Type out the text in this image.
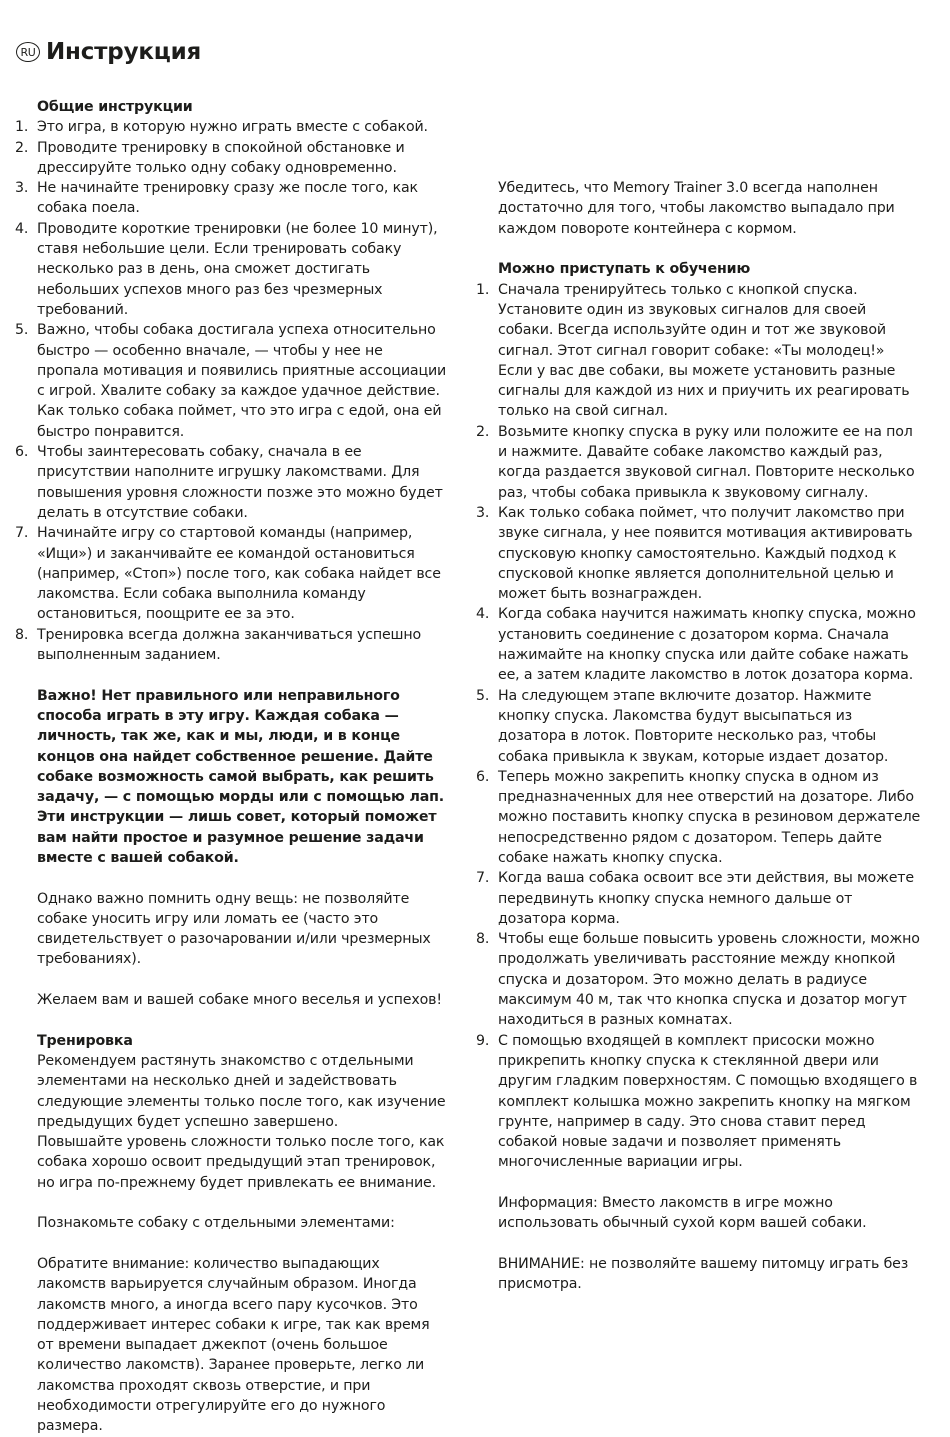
RU Инструкция

Общие инструкции

1. Это игра, в которую нужно играть вместе с собакой.
2. Проводите тренировку в спокойной обстановке и дрессируйте только одну собаку одновременно.
3. Не начинайте тренировку сразу же после того, как собака поела.
4. Проводите короткие тренировки (не более 10 минут), ставя небольшие цели. Если тренировать собаку несколько раз в день, она сможет достигать небольших успехов много раз без чрезмерных требований.
5. Важно, чтобы собака достигала успеха относительно быстро — особенно вначале, — чтобы у нее не пропала мотивация и появились приятные ассоциации с игрой. Хвалите собаку за каждое удачное действие. Как только собака поймет, что это игра с едой, она ей быстро понравится.
6. Чтобы заинтересовать собаку, сначала в ее присутствии наполните игрушку лакомствами. Для повышения уровня сложности позже это можно будет делать в отсутствие собаки.
7. Начинайте игру со стартовой команды (например, «Ищи») и заканчивайте ее командой остановиться (например, «Стоп») после того, как собака найдет все лакомства. Если собака выполнила команду остановиться, поощрите ее за это.
8. Тренировка всегда должна заканчиваться успешно выполненным заданием.

Важно! Нет правильного или неправильного способа играть в эту игру. Каждая собака — личность, так же, как и мы, люди, и в конце концов она найдет собственное решение. Дайте собаке возможность самой выбрать, как решить задачу, — с помощью морды или с помощью лап. Эти инструкции — лишь совет, который поможет вам найти простое и разумное решение задачи вместе с вашей собакой.

Однако важно помнить одну вещь: не позволяйте собаке уносить игру или ломать ее (часто это свидетельствует о разочаровании и/или чрезмерных требованиях).

Желаем вам и вашей собаке много веселья и успехов!

Тренировка

Рекомендуем растянуть знакомство с отдельными элементами на несколько дней и задействовать следующие элементы только после того, как изучение предыдущих будет успешно завершено.

Повышайте уровень сложности только после того, как собака хорошо освоит предыдущий этап тренировок, но игра по-прежнему будет привлекать ее внимание.

Познакомьте собаку с отдельными элементами:

Обратите внимание: количество выпадающих лакомств варьируется случайным образом. Иногда лакомств много, а иногда всего пару кусочков. Это поддерживает интерес собаки к игре, так как время от времени выпадает джекпот (очень большое количество лакомств). Заранее проверьте, легко ли лакомства проходят сквозь отверстие, и при необходимости отрегулируйте его до нужного размера.

Убедитесь, что Memory Trainer 3.0 всегда наполнен достаточно для того, чтобы лакомство выпадало при каждом повороте контейнера с кормом.

Можно приступать к обучению

1. Сначала тренируйтесь только с кнопкой спуска. Установите один из звуковых сигналов для своей собаки. Всегда используйте один и тот же звуковой сигнал. Этот сигнал говорит собаке: «Ты молодец!» Если у вас две собаки, вы можете установить разные сигналы для каждой из них и приучить их реагировать только на свой сигнал.
2. Возьмите кнопку спуска в руку или положите ее на пол и нажмите. Давайте собаке лакомство каждый раз, когда раздается звуковой сигнал. Повторите несколько раз, чтобы собака привыкла к звуковому сигналу.
3. Как только собака поймет, что получит лакомство при звуке сигнала, у нее появится мотивация активировать спусковую кнопку самостоятельно. Каждый подход к спусковой кнопке является дополнительной целью и может быть вознагражден.
4. Когда собака научится нажимать кнопку спуска, можно установить соединение с дозатором корма. Сначала нажимайте на кнопку спуска или дайте собаке нажать ее, а затем кладите лакомство в лоток дозатора корма.
5. На следующем этапе включите дозатор. Нажмите кнопку спуска. Лакомства будут высыпаться из дозатора в лоток. Повторите несколько раз, чтобы собака привыкла к звукам, которые издает дозатор.
6. Теперь можно закрепить кнопку спуска в одном из предназначенных для нее отверстий на дозаторе. Либо можно поставить кнопку спуска в резиновом держателе непосредственно рядом с дозатором. Теперь дайте собаке нажать кнопку спуска.
7. Когда ваша собака освоит все эти действия, вы можете передвинуть кнопку спуска немного дальше от дозатора корма.
8. Чтобы еще больше повысить уровень сложности, можно продолжать увеличивать расстояние между кнопкой спуска и дозатором. Это можно делать в радиусе максимум 40 м, так что кнопка спуска и дозатор могут находиться в разных комнатах.
9. С помощью входящей в комплект присоски можно прикрепить кнопку спуска к стеклянной двери или другим гладким поверхностям. С помощью входящего в комплект колышка можно закрепить кнопку на мягком грунте, например в саду. Это снова ставит перед собакой новые задачи и позволяет применять многочисленные вариации игры.

Информация: Вместо лакомств в игре можно использовать обычный сухой корм вашей собаки.

ВНИМАНИЕ: не позволяйте вашему питомцу играть без присмотра.
